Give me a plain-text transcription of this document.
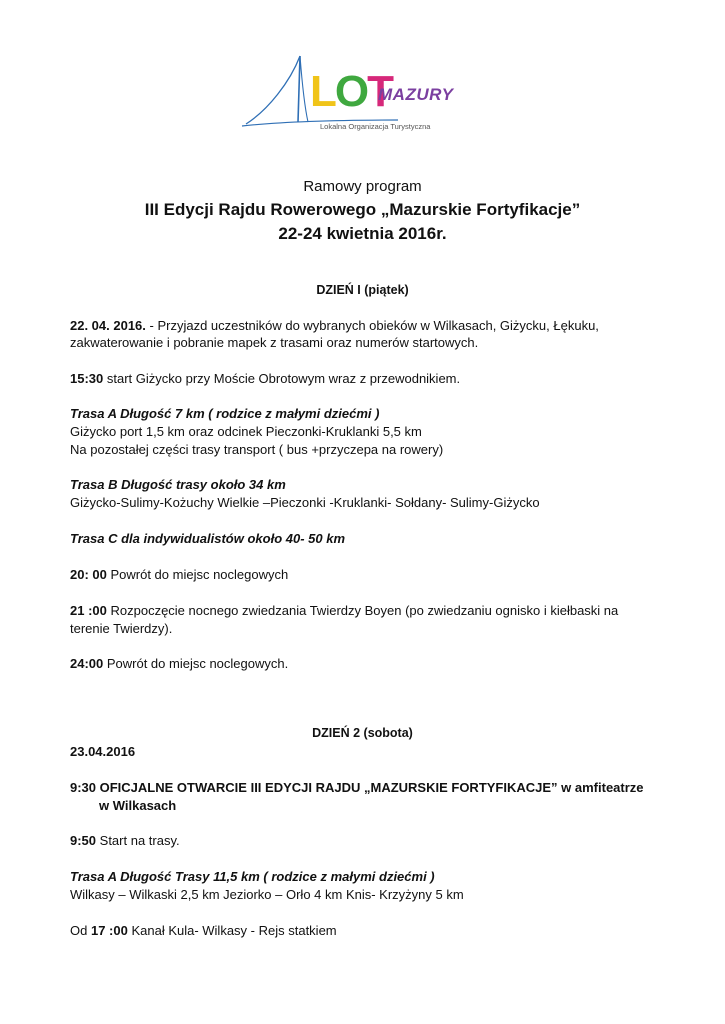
LOT
MAZURY
Lokalna Organizacja Turystyczna
Ramowy program
III Edycji Rajdu Rowerowego „Mazurskie Fortyfikacje”
22-24 kwietnia 2016r.
DZIEŃ I (piątek)
22. 04. 2016. - Przyjazd uczestników do wybranych obieków w Wilkasach, Giżycku, Łękuku,
zakwaterowanie i pobranie mapek z trasami oraz numerów startowych.
15:30 start Giżycko przy Moście Obrotowym wraz z przewodnikiem.
Trasa A Długość 7 km ( rodzice z małymi dziećmi )
Giżycko port 1,5 km oraz odcinek Pieczonki-Kruklanki 5,5 km
Na pozostałej części trasy transport ( bus +przyczepa na rowery)
Trasa B Długość trasy około 34 km
Giżycko-Sulimy-Kożuchy Wielkie –Pieczonki -Kruklanki- Sołdany- Sulimy-Giżycko
Trasa C dla indywidualistów około 40- 50 km
20: 00 Powrót do miejsc noclegowych
21 :00 Rozpoczęcie nocnego zwiedzania Twierdzy Boyen (po zwiedzaniu ognisko i kiełbaski na
terenie Twierdzy).
24:00 Powrót do miejsc noclegowych.
DZIEŃ 2 (sobota)
23.04.2016
9:30 OFICJALNE OTWARCIE III EDYCJI RAJDU „MAZURSKIE FORTYFIKACJE” w amfiteatrze
w Wilkasach
9:50 Start na trasy.
Trasa A Długość Trasy 11,5 km ( rodzice z małymi dziećmi )
Wilkasy – Wilkaski 2,5 km Jeziorko – Orło 4 km Knis- Krzyżyny 5 km
Od 17 :00 Kanał Kula- Wilkasy - Rejs statkiem
